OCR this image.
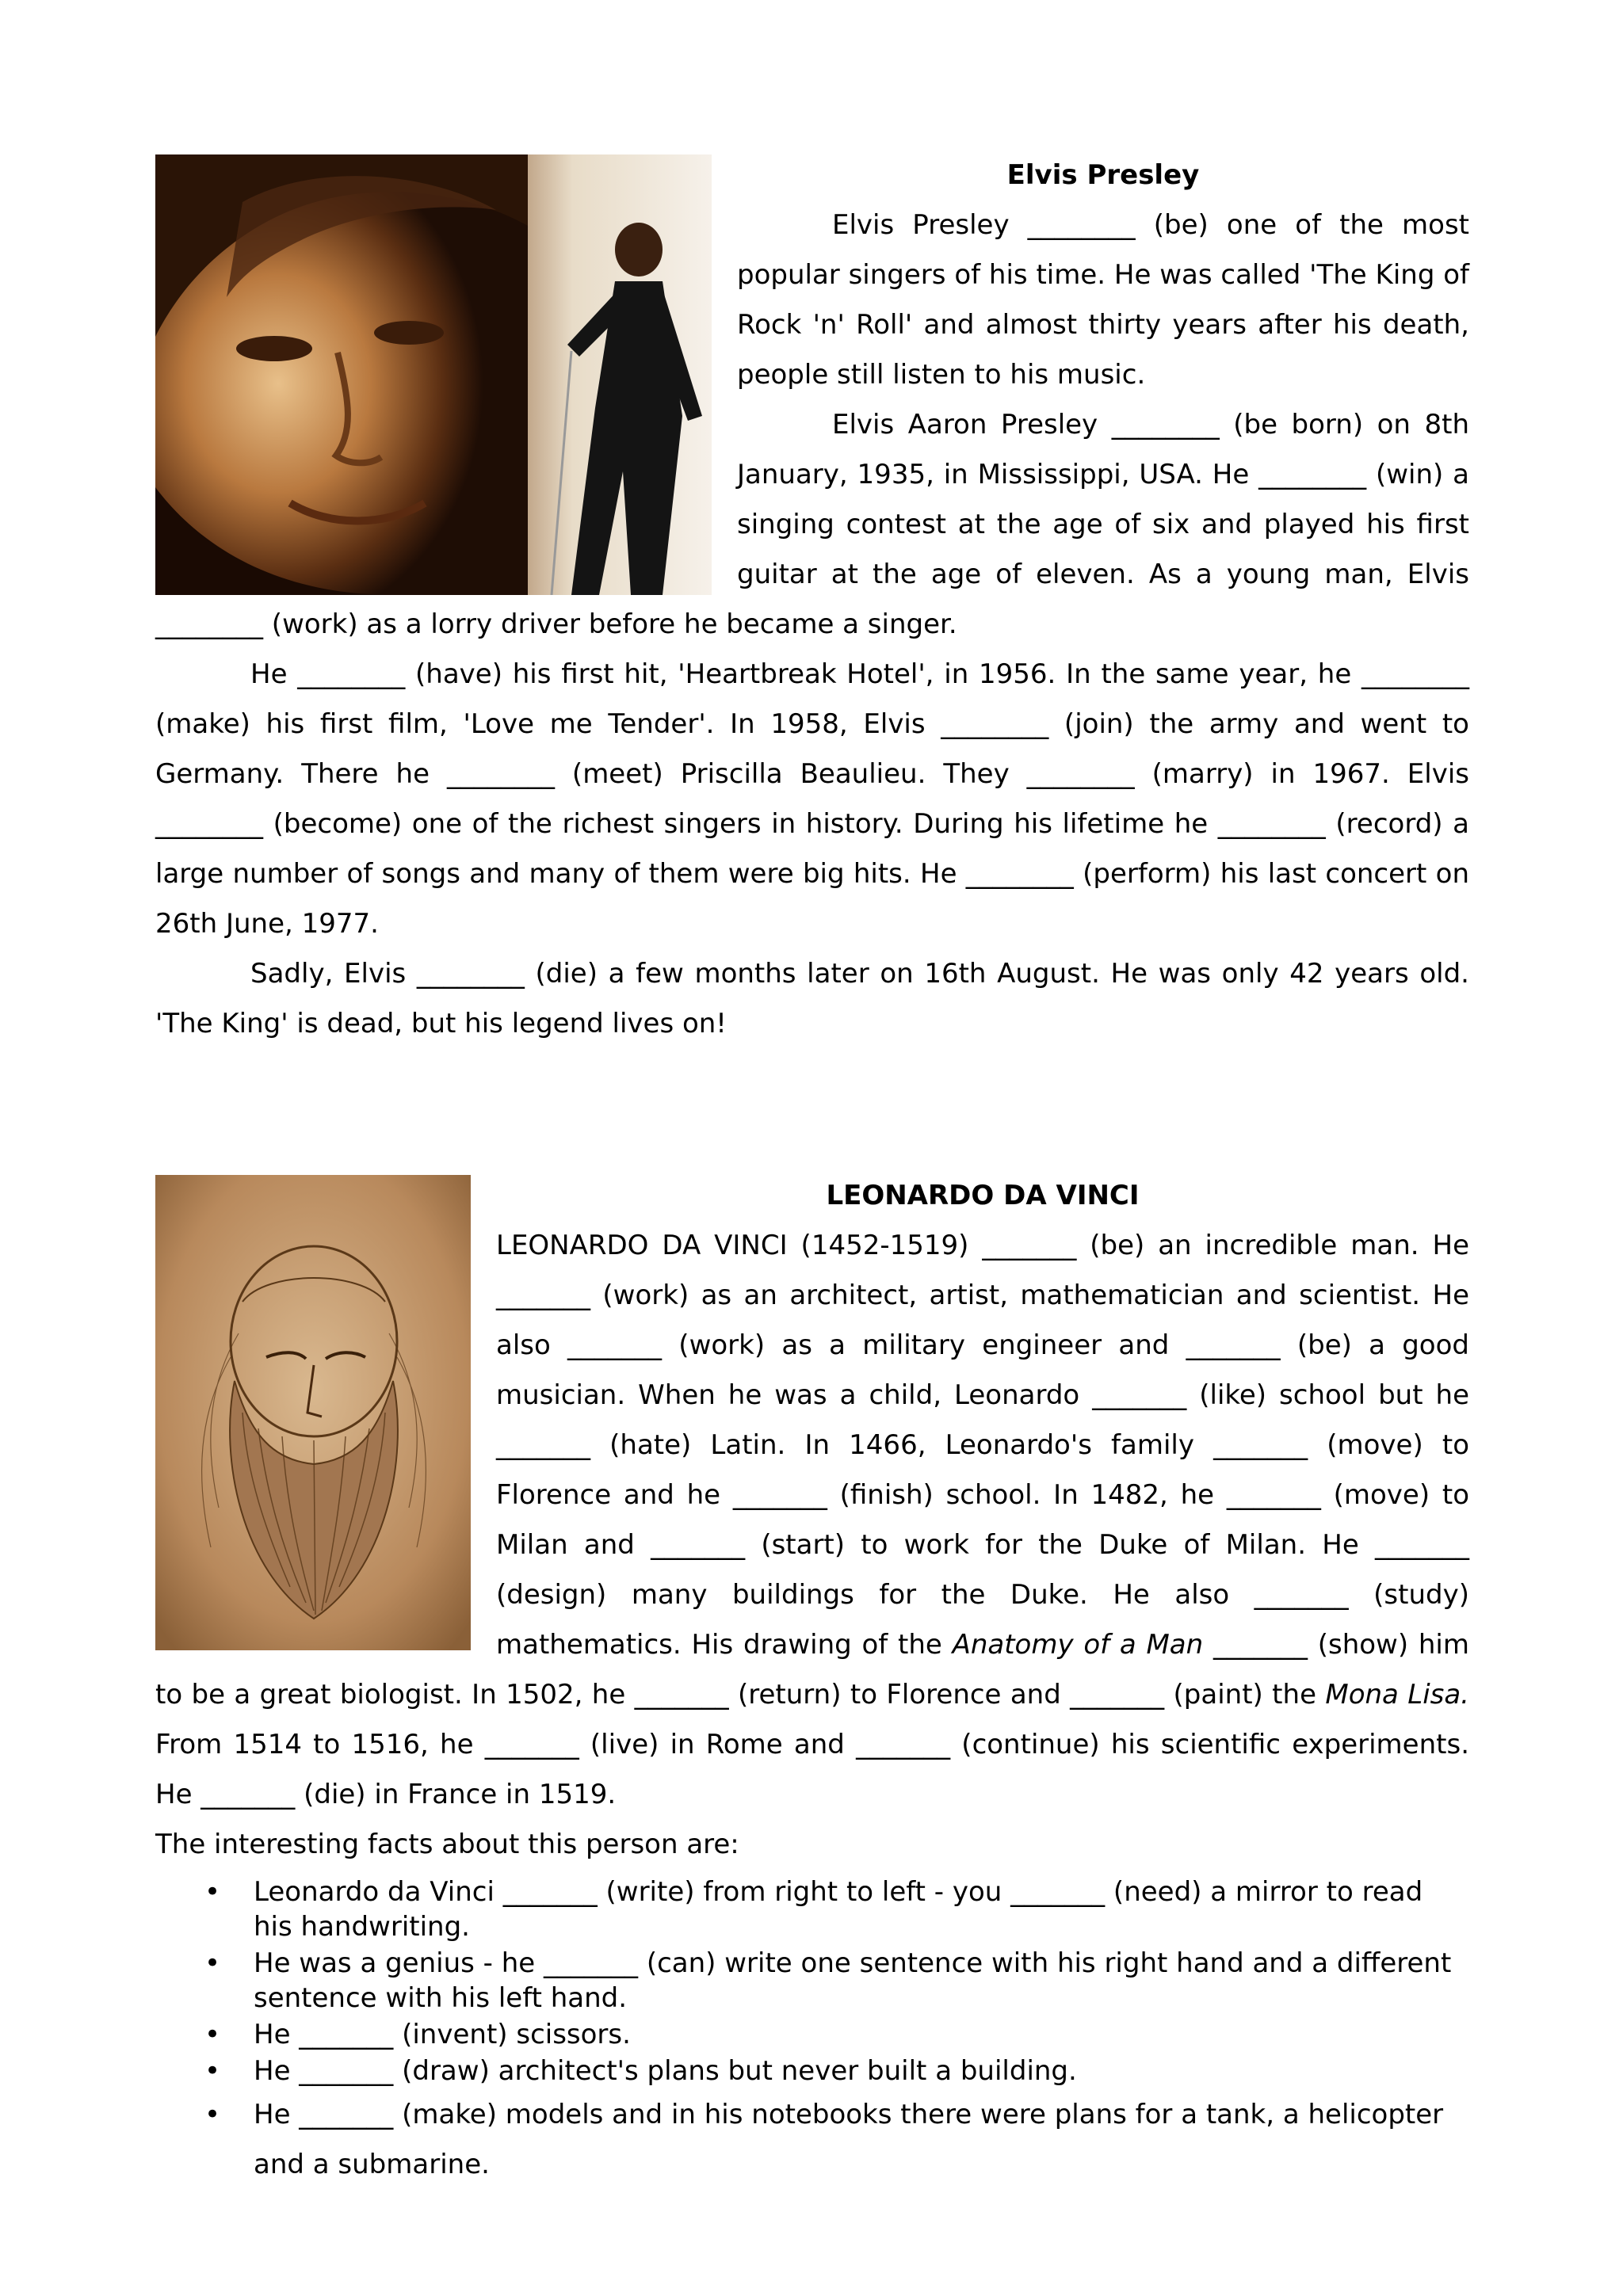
Elvis Presley

Elvis Presley ________ (be) one of the most popular singers of his time. He was called 'The King of Rock 'n' Roll' and almost thirty years after his death, people still listen to his music.

Elvis Aaron Presley ________ (be born) on 8th January, 1935, in Mississippi, USA. He ________ (win) a singing contest at the age of six and played his first guitar at the age of eleven. As a young man, Elvis ________ (work) as a lorry driver before he became a singer.

He ________ (have) his first hit, 'Heartbreak Hotel', in 1956. In the same year, he ________ (make) his first film, 'Love me Tender'. In 1958, Elvis ________ (join) the army and went to Germany. There he ________ (meet) Priscilla Beaulieu. They ________ (marry) in 1967. Elvis ________ (become) one of the richest singers in history. During his lifetime he ________ (record) a large number of songs and many of them were big hits. He ________ (perform) his last concert on 26th June, 1977.

Sadly, Elvis ________ (die) a few months later on 16th August. He was only 42 years old. 'The King' is dead, but his legend lives on!

LEONARDO DA VINCI

LEONARDO DA VINCI (1452-1519) _______ (be) an incredible man. He _______ (work) as an architect, artist, mathematician and scientist. He also _______ (work) as a military engineer and _______ (be) a good musician. When he was a child, Leonardo _______ (like) school but he _______ (hate) Latin. In 1466, Leonardo's family _______ (move) to Florence and he _______ (finish) school. In 1482, he _______ (move) to Milan and _______ (start) to work for the Duke of Milan. He _______ (design) many buildings for the Duke. He also _______ (study) mathematics. His drawing of the Anatomy of a Man _______ (show) him to be a great biologist. In 1502, he _______ (return) to Florence and _______ (paint) the Mona Lisa. From 1514 to 1516, he _______ (live) in Rome and _______ (continue) his scientific experiments. He _______ (die) in France in 1519.

The interesting facts about this person are:

• Leonardo da Vinci _______ (write) from right to left - you _______ (need) a mirror to read his handwriting.
• He was a genius - he _______ (can) write one sentence with his right hand and a different sentence with his left hand.
• He _______ (invent) scissors.
• He _______ (draw) architect's plans but never built a building.
• He _______ (make) models and in his notebooks there were plans for a tank, a helicopter and a submarine.
